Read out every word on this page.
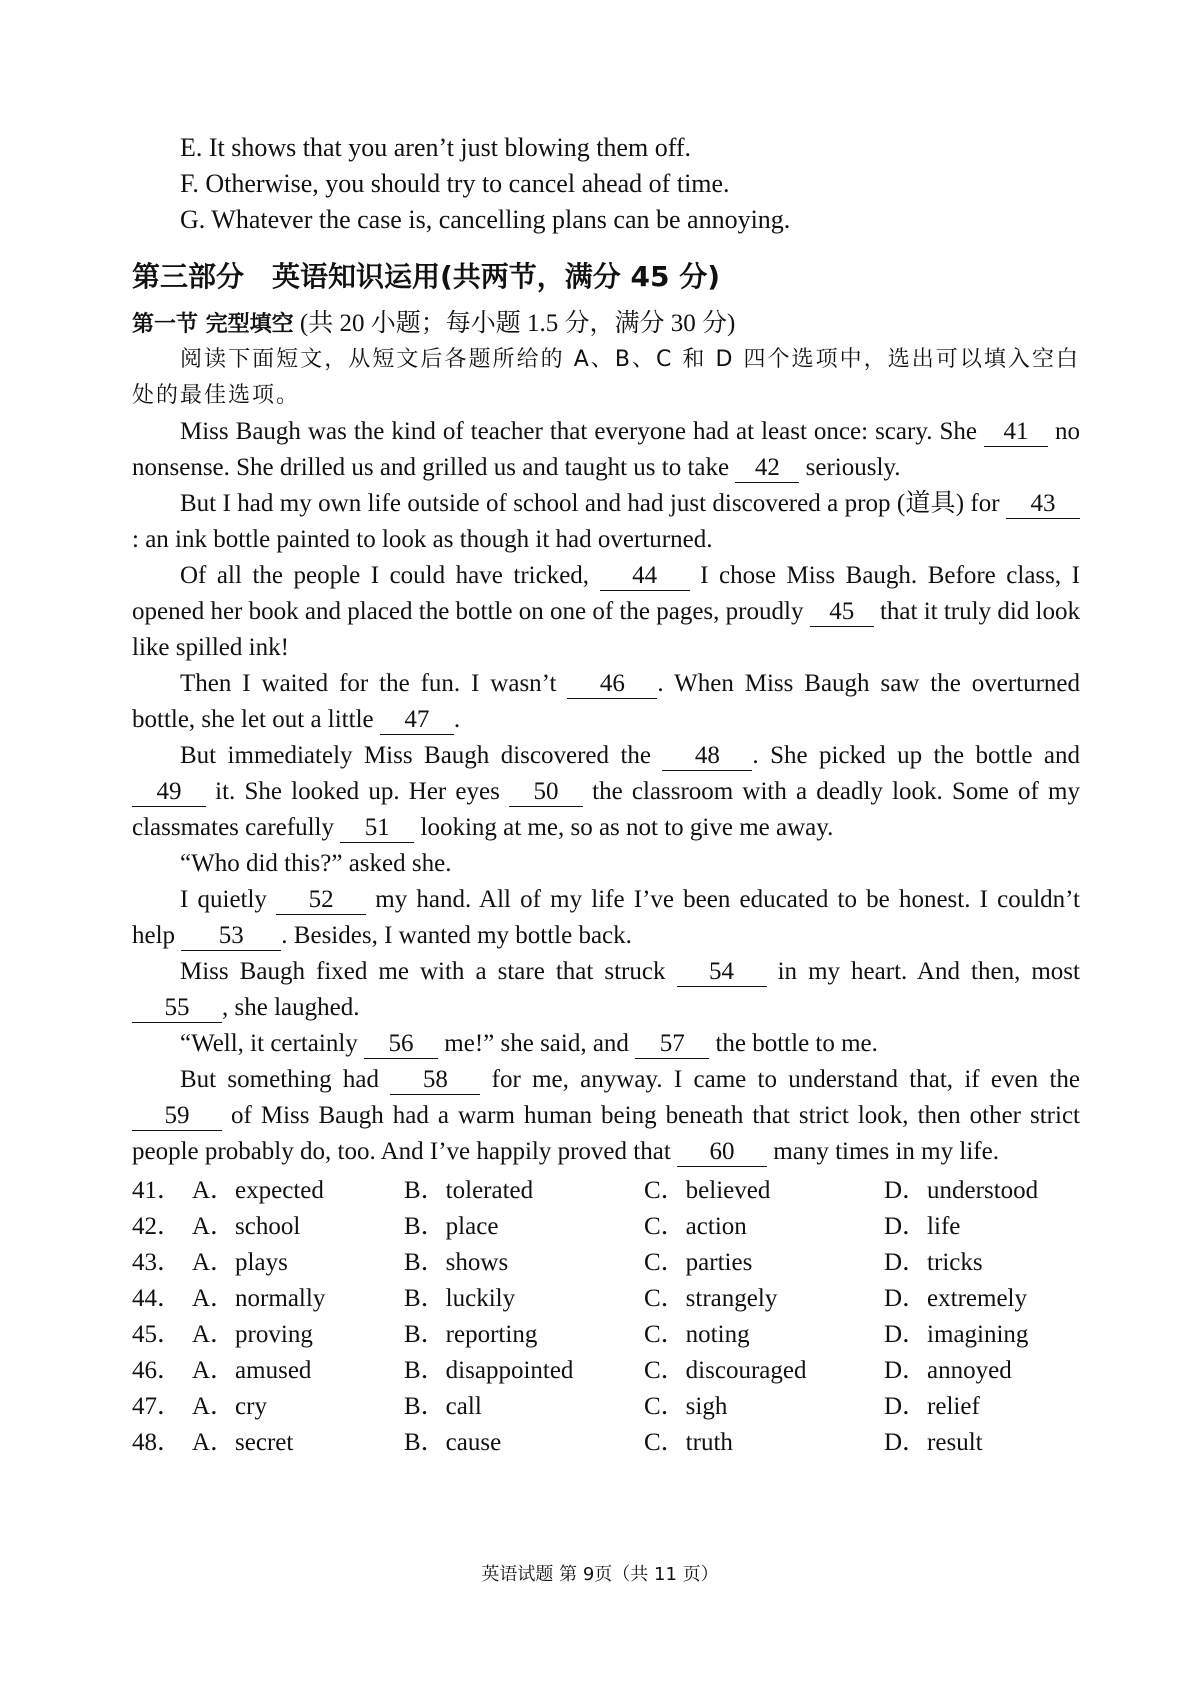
E. It shows that you aren’t just blowing them off.
F. Otherwise, you should try to cancel ahead of time.
G. Whatever the case is, cancelling plans can be annoying.
第三部分　英语知识运用(共两节，满分 45 分)
第一节 完型填空 (共 20 小题；每小题 1.5 分，满分 30 分)
阅读下面短文，从短文后各题所给的 A、B、C 和 D 四个选项中，选出可以填入空白处的最佳选项。
Miss Baugh was the kind of teacher that everyone had at least once: scary. She 41 no nonsense. She drilled us and grilled us and taught us to take 42 seriously.
But I had my own life outside of school and had just discovered a prop (道具) for 43: an ink bottle painted to look as though it had overturned.
Of all the people I could have tricked, 44 I chose Miss Baugh. Before class, I opened her book and placed the bottle on one of the pages, proudly 45 that it truly did look like spilled ink!
Then I waited for the fun. I wasn’t 46 . When Miss Baugh saw the overturned bottle, she let out a little 47 .
But immediately Miss Baugh discovered the 48 . She picked up the bottle and 49 it. She looked up. Her eyes 50 the classroom with a deadly look. Some of my classmates carefully 51 looking at me, so as not to give me away.
“Who did this?” asked she.
I quietly 52 my hand. All of my life I’ve been educated to be honest. I couldn’t help 53 . Besides, I wanted my bottle back.
Miss Baugh fixed me with a stare that struck 54 in my heart. And then, most 55 , she laughed.
“Well, it certainly 56 me!” she said, and 57 the bottle to me.
But something had 58 for me, anyway. I came to understand that, if even the 59 of Miss Baugh had a warm human being beneath that strict look, then other strict people probably do, too. And I’ve happily proved that 60 many times in my life.
41．	A．expected	B．tolerated	C．believed	D．understood
42．	A．school	B．place	C．action	D．life
43．	A．plays	B．shows	C．parties	D．tricks
44．	A．normally	B．luckily	C．strangely	D．extremely
45．	A．proving	B．reporting	C．noting	D．imagining
46．	A．amused	B．disappointed	C．discouraged	D．annoyed
47．	A．cry	B．call	C．sigh	D．relief
48．	A．secret	B．cause	C．truth	D．result
英语试题 第 9页（共 11 页）
